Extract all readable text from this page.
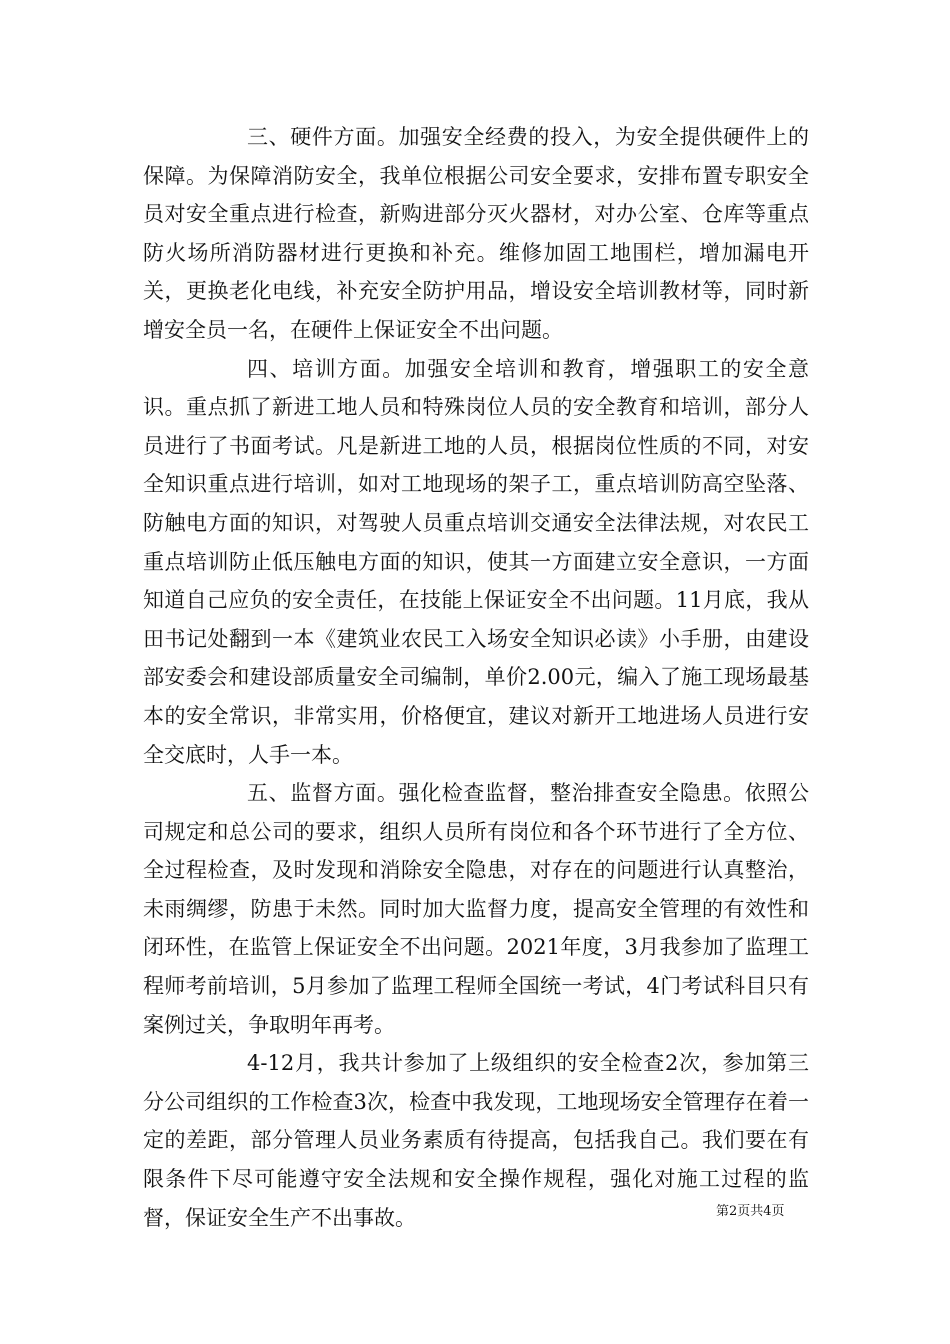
三、硬件方面。加强安全经费的投入，为安全提供硬件上的保障。为保障消防安全，我单位根据公司安全要求，安排布置专职安全员对安全重点进行检查，新购进部分灭火器材，对办公室、仓库等重点防火场所消防器材进行更换和补充。维修加固工地围栏，增加漏电开关，更换老化电线，补充安全防护用品，增设安全培训教材等，同时新增安全员一名，在硬件上保证安全不出问题。

四、培训方面。加强安全培训和教育，增强职工的安全意识。重点抓了新进工地人员和特殊岗位人员的安全教育和培训，部分人员进行了书面考试。凡是新进工地的人员，根据岗位性质的不同，对安全知识重点进行培训，如对工地现场的架子工，重点培训防高空坠落、防触电方面的知识，对驾驶人员重点培训交通安全法律法规，对农民工重点培训防止低压触电方面的知识，使其一方面建立安全意识，一方面知道自己应负的安全责任，在技能上保证安全不出问题。11月底，我从田书记处翻到一本《建筑业农民工入场安全知识必读》小手册，由建设部安委会和建设部质量安全司编制，单价2.00元，编入了施工现场最基本的安全常识，非常实用，价格便宜，建议对新开工地进场人员进行安全交底时，人手一本。

五、监督方面。强化检查监督，整治排查安全隐患。依照公司规定和总公司的要求，组织人员所有岗位和各个环节进行了全方位、全过程检查，及时发现和消除安全隐患，对存在的问题进行认真整治，未雨绸缪，防患于未然。同时加大监督力度，提高安全管理的有效性和闭环性，在监管上保证安全不出问题。2021年度，3月我参加了监理工程师考前培训，5月参加了监理工程师全国统一考试，4门考试科目只有案例过关，争取明年再考。

4-12月，我共计参加了上级组织的安全检查2次，参加第三分公司组织的工作检查3次，检查中我发现，工地现场安全管理存在着一定的差距，部分管理人员业务素质有待提高，包括我自己。我们要在有限条件下尽可能遵守安全法规和安全操作规程，强化对施工过程的监督，保证安全生产不出事故。	第2页共4页
